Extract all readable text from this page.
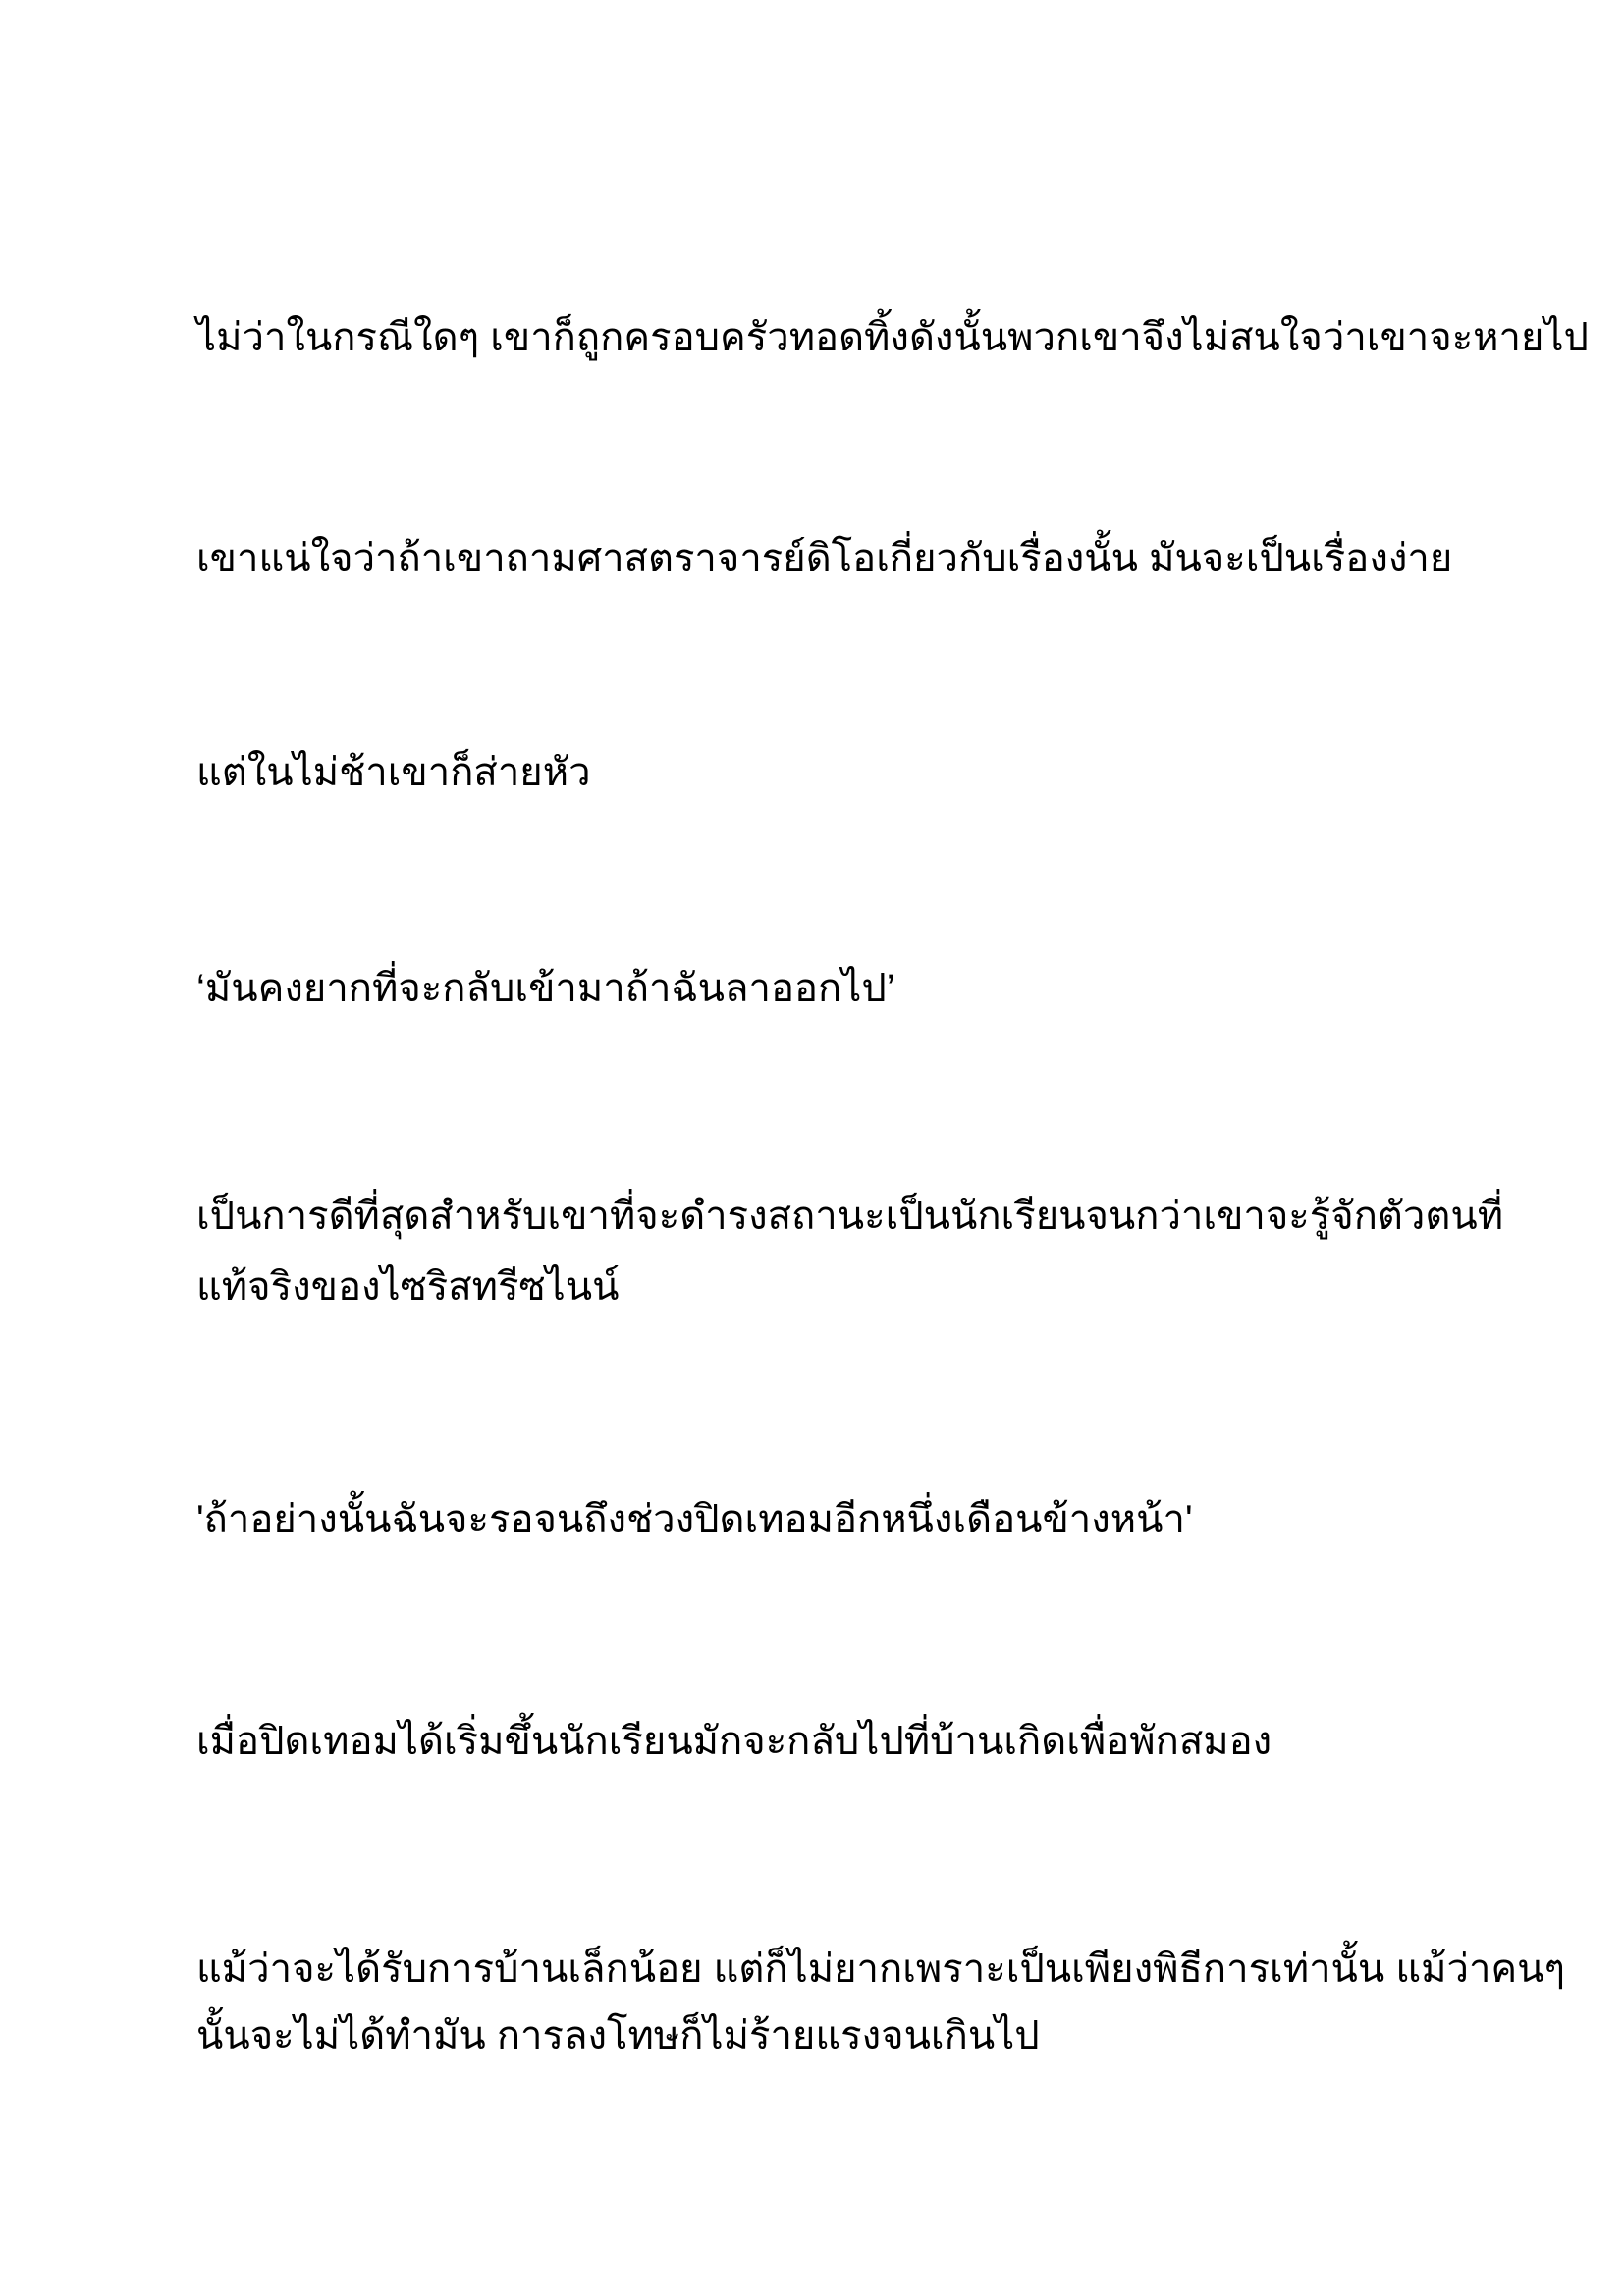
ไม่ว่าในกรณีใดๆ เขาก็ถูกครอบครัวทอดทิ้งดังนั้นพวกเขาจึงไม่สนใจว่าเขาจะหายไป
เขาแน่ใจว่าถ้าเขาถามศาสตราจารย์ดิโอเกี่ยวกับเรื่องนั้น มันจะเป็นเรื่องง่าย
แต่ในไม่ช้าเขาก็ส่ายหัว
‘มันคงยากที่จะกลับเข้ามาถ้าฉันลาออกไป’
เป็นการดีที่สุดสำหรับเขาที่จะดำรงสถานะเป็นนักเรียนจนกว่าเขาจะรู้จักตัวตนที่
แท้จริงของไซริสทรีซไนน์
'ถ้าอย่างนั้นฉันจะรอจนถึงช่วงปิดเทอมอีกหนึ่งเดือนข้างหน้า'
เมื่อปิดเทอมได้เริ่มขึ้นนักเรียนมักจะกลับไปที่บ้านเกิดเพื่อพักสมอง
แม้ว่าจะได้รับการบ้านเล็กน้อย แต่ก็ไม่ยากเพราะเป็นเพียงพิธีการเท่านั้น แม้ว่าคนๆ
นั้นจะไม่ได้ทำมัน การลงโทษก็ไม่ร้ายแรงจนเกินไป
